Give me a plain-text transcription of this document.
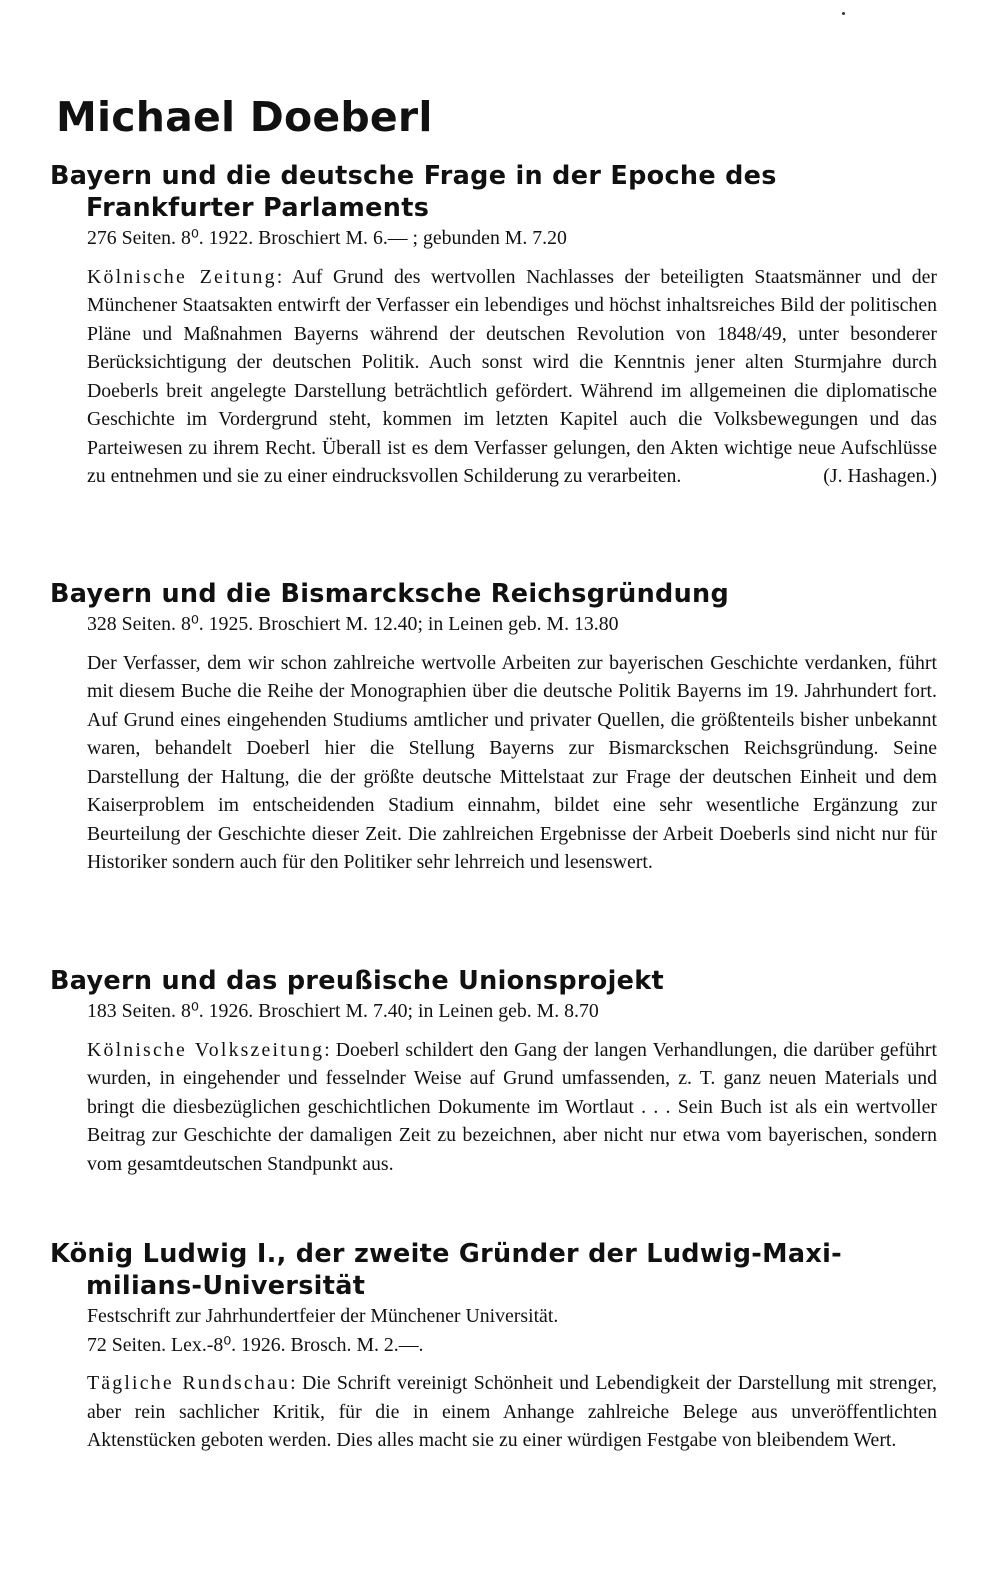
Michael Doeberl
Bayern und die deutsche Frage in der Epoche des
Frankfurter Parlaments

276 Seiten. 8⁰. 1922. Broschiert M. 6.— ; gebunden M. 7.20

Kölnische Zeitung: Auf Grund des wertvollen Nachlasses der beteiligten Staatsmänner und der Münchener Staatsakten entwirft der Verfasser ein lebendiges und höchst inhaltsreiches Bild der politischen Pläne und Maßnahmen Bayerns während der deutschen Revolution von 1848/49, unter besonderer Berücksichtigung der deutschen Politik. Auch sonst wird die Kenntnis jener alten Sturmjahre durch Doeberls breit angelegte Darstellung beträchtlich gefördert. Während im allgemeinen die diplomatische Geschichte im Vordergrund steht, kommen im letzten Kapitel auch die Volksbewegungen und das Parteiwesen zu ihrem Recht. Überall ist es dem Verfasser gelungen, den Akten wichtige neue Aufschlüsse zu entnehmen und sie zu einer eindrucksvollen Schilderung zu verarbeiten.	(J. Hashagen.)

Bayern und die Bismarcksche Reichsgründung

328 Seiten. 8⁰. 1925. Broschiert M. 12.40; in Leinen geb. M. 13.80

Der Verfasser, dem wir schon zahlreiche wertvolle Arbeiten zur bayerischen Geschichte verdanken, führt mit diesem Buche die Reihe der Monographien über die deutsche Politik Bayerns im 19. Jahrhundert fort. Auf Grund eines eingehenden Studiums amtlicher und privater Quellen, die größtenteils bisher unbekannt waren, behandelt Doeberl hier die Stellung Bayerns zur Bismarckschen Reichsgründung. Seine Darstellung der Haltung, die der größte deutsche Mittelstaat zur Frage der deutschen Einheit und dem Kaiserproblem im entscheidenden Stadium einnahm, bildet eine sehr wesentliche Ergänzung zur Beurteilung der Geschichte dieser Zeit. Die zahlreichen Ergebnisse der Arbeit Doeberls sind nicht nur für Historiker sondern auch für den Politiker sehr lehrreich und lesenswert.

Bayern und das preußische Unionsprojekt

183 Seiten. 8⁰. 1926. Broschiert M. 7.40; in Leinen geb. M. 8.70

Kölnische Volkszeitung: Doeberl schildert den Gang der langen Verhandlungen, die darüber geführt wurden, in eingehender und fesselnder Weise auf Grund umfassenden, z. T. ganz neuen Materials und bringt die diesbezüglichen geschichtlichen Dokumente im Wortlaut . . . Sein Buch ist als ein wertvoller Beitrag zur Geschichte der damaligen Zeit zu bezeichnen, aber nicht nur etwa vom bayerischen, sondern vom gesamtdeutschen Standpunkt aus.

König Ludwig I., der zweite Gründer der Ludwig-Maxi-
milians-Universität

Festschrift zur Jahrhundertfeier der Münchener Universität.

72 Seiten. Lex.-8⁰. 1926. Brosch. M. 2.—.

Tägliche Rundschau: Die Schrift vereinigt Schönheit und Lebendigkeit der Darstellung mit strenger, aber rein sachlicher Kritik, für die in einem Anhange zahlreiche Belege aus unveröffentlichten Aktenstücken geboten werden. Dies alles macht sie zu einer würdigen Festgabe von bleibendem Wert.
